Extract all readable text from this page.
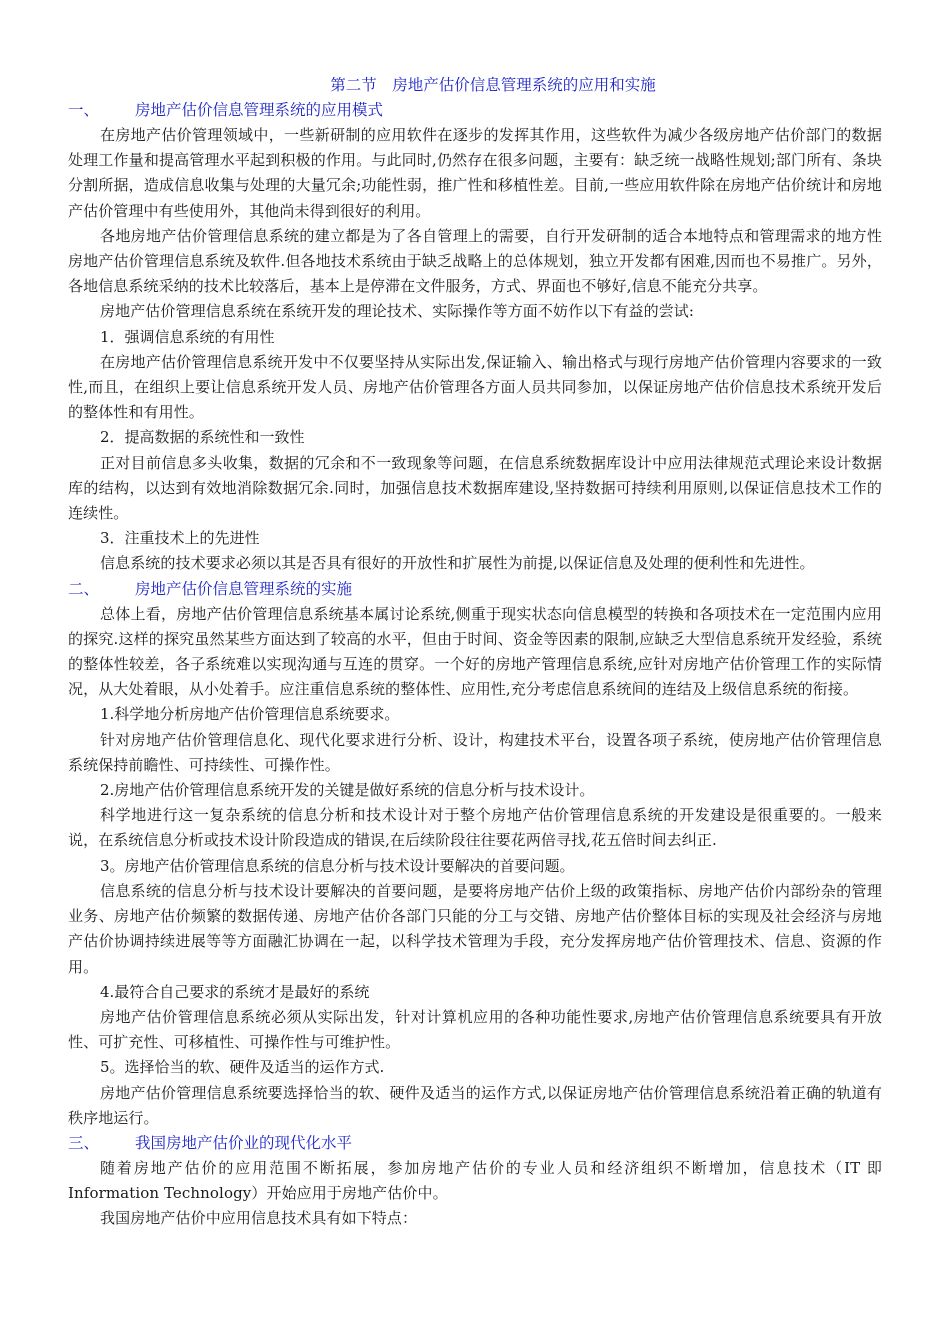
第二节　房地产估价信息管理系统的应用和实施
一、 房地产估价信息管理系统的应用模式

在房地产估价管理领域中，一些新研制的应用软件在逐步的发挥其作用，这些软件为减少各级房地产估价部门的数据处理工作量和提高管理水平起到积极的作用。与此同时,仍然存在很多问题，主要有：缺乏统一战略性规划;部门所有、条块分割所据，造成信息收集与处理的大量冗余;功能性弱，推广性和移植性差。目前,一些应用软件除在房地产估价统计和房地产估价管理中有些使用外，其他尚未得到很好的利用。

各地房地产估价管理信息系统的建立都是为了各自管理上的需要，自行开发研制的适合本地特点和管理需求的地方性房地产估价管理信息系统及软件.但各地技术系统由于缺乏战略上的总体规划，独立开发都有困难,因而也不易推广。另外，各地信息系统采纳的技术比较落后，基本上是停滞在文件服务，方式、界面也不够好,信息不能充分共享。

房地产估价管理信息系统在系统开发的理论技术、实际操作等方面不妨作以下有益的尝试:

1．强调信息系统的有用性

在房地产估价管理信息系统开发中不仅要坚持从实际出发,保证输入、输出格式与现行房地产估价管理内容要求的一致性,而且，在组织上要让信息系统开发人员、房地产估价管理各方面人员共同参加，以保证房地产估价信息技术系统开发后的整体性和有用性。

2．提高数据的系统性和一致性

正对目前信息多头收集，数据的冗余和不一致现象等问题，在信息系统数据库设计中应用法律规范式理论来设计数据库的结构，以达到有效地消除数据冗余.同时，加强信息技术数据库建设,坚持数据可持续利用原则,以保证信息技术工作的连续性。

3．注重技术上的先进性

信息系统的技术要求必须以其是否具有很好的开放性和扩展性为前提,以保证信息及处理的便利性和先进性。

二、 房地产估价信息管理系统的实施

总体上看，房地产估价管理信息系统基本属讨论系统,侧重于现实状态向信息模型的转换和各项技术在一定范围内应用的探究.这样的探究虽然某些方面达到了较高的水平，但由于时间、资金等因素的限制,应缺乏大型信息系统开发经验，系统的整体性较差，各子系统难以实现沟通与互连的贯穿。一个好的房地产管理信息系统,应针对房地产估价管理工作的实际情况，从大处着眼，从小处着手。应注重信息系统的整体性、应用性,充分考虑信息系统间的连结及上级信息系统的衔接。

1.科学地分析房地产估价管理信息系统要求。

针对房地产估价管理信息化、现代化要求进行分析、设计，构建技术平台，设置各项子系统，使房地产估价管理信息系统保持前瞻性、可持续性、可操作性。

2.房地产估价管理信息系统开发的关键是做好系统的信息分析与技术设计。

科学地进行这一复杂系统的信息分析和技术设计对于整个房地产估价管理信息系统的开发建设是很重要的。一般来说，在系统信息分析或技术设计阶段造成的错误,在后续阶段往往要花两倍寻找,花五倍时间去纠正.

3。房地产估价管理信息系统的信息分析与技术设计要解决的首要问题。

信息系统的信息分析与技术设计要解决的首要问题，是要将房地产估价上级的政策指标、房地产估价内部纷杂的管理业务、房地产估价频繁的数据传递、房地产估价各部门只能的分工与交错、房地产估价整体目标的实现及社会经济与房地产估价协调持续进展等等方面融汇协调在一起，以科学技术管理为手段，充分发挥房地产估价管理技术、信息、资源的作用。

4.最符合自己要求的系统才是最好的系统

房地产估价管理信息系统必须从实际出发，针对计算机应用的各种功能性要求,房地产估价管理信息系统要具有开放性、可扩充性、可移植性、可操作性与可维护性。

5。选择恰当的软、硬件及适当的运作方式.

房地产估价管理信息系统要选择恰当的软、硬件及适当的运作方式,以保证房地产估价管理信息系统沿着正确的轨道有秩序地运行。

三、 我国房地产估价业的现代化水平

随着房地产估价的应用范围不断拓展，参加房地产估价的专业人员和经济组织不断增加，信息技术（IT 即 Information Technology）开始应用于房地产估价中。

我国房地产估价中应用信息技术具有如下特点：
